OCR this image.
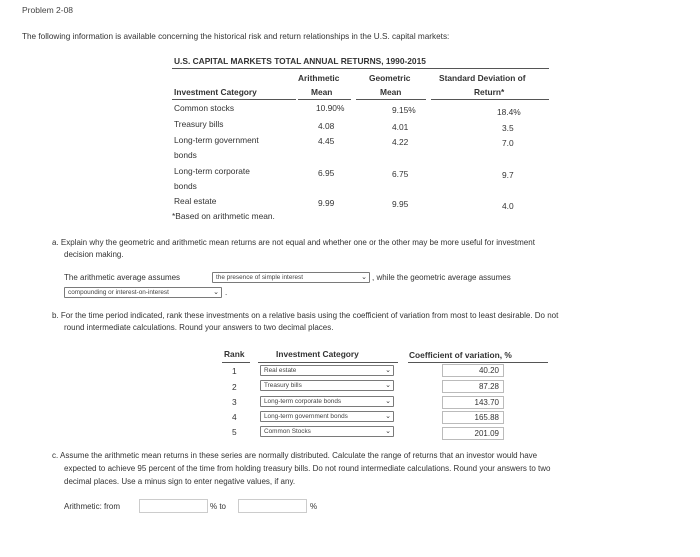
Problem 2-08
The following information is available concerning the historical risk and return relationships in the U.S. capital markets:
U.S. CAPITAL MARKETS TOTAL ANNUAL RETURNS, 1990-2015
Arithmetic	Geometric	Standard Deviation of
Investment Category	Mean	Mean	Return*
Common stocks	10.90%	9.15%	18.4%
Treasury bills	4.08	4.01	3.5
Long-term government
bonds
4.45	4.22	7.0
Long-term corporate
bonds
6.95	6.75	9.7
Real estate	9.99	9.95	4.0
*Based on arithmetic mean.
a. Explain why the geometric and arithmetic mean returns are not equal and whether one or the other may be more useful for investment
decision making.
The arithmetic average assumes	the presence of simple interest	⌄ , while the geometric average assumes
compounding or interest-on-interest	⌄ .
b. For the time period indicated, rank these investments on a relative basis using the coefficient of variation from most to least desirable. Do not
round intermediate calculations. Round your answers to two decimal places.
Rank	Investment Category	Coefficient of variation, %
1	Real estate	⌄	40.20
2	Treasury bills	⌄	87.28
3	Long-term corporate bonds	⌄	143.70
4	Long-term government bonds	⌄	165.88
5	Common Stocks	⌄	201.09
c. Assume the arithmetic mean returns in these series are normally distributed. Calculate the range of returns that an investor would have
expected to achieve 95 percent of the time from holding treasury bills. Do not round intermediate calculations. Round your answers to two
decimal places. Use a minus sign to enter negative values, if any.
Arithmetic: from	% to	%
